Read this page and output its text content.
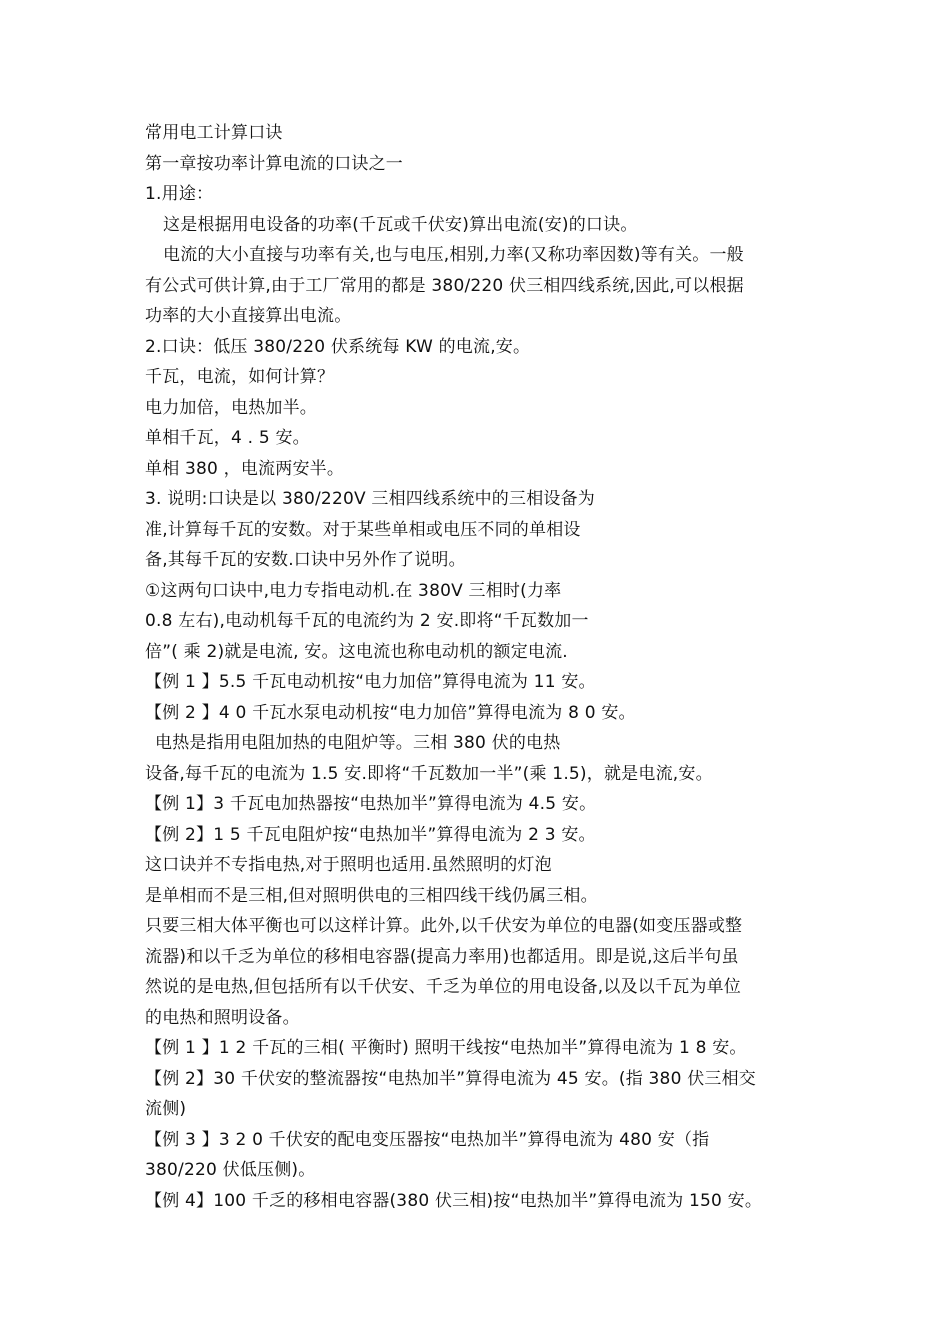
常用电工计算口诀
第一章按功率计算电流的口诀之一
1.用途：
这是根据用电设备的功率(千瓦或千伏安)算出电流(安)的口诀。
电流的大小直接与功率有关,也与电压,相别,力率(又称功率因数)等有关。一般
有公式可供计算,由于工厂常用的都是 380/220 伏三相四线系统,因此,可以根据
功率的大小直接算出电流。
2.口诀：低压 380/220 伏系统每 KW 的电流,安。
千瓦，电流，如何计算？
电力加倍，电热加半。
单相千瓦，4 . 5 安。
单相 380 ，电流两安半。
3. 说明:口诀是以 380/220V 三相四线系统中的三相设备为
准,计算每千瓦的安数。对于某些单相或电压不同的单相设
备,其每千瓦的安数.口诀中另外作了说明。
①这两句口诀中,电力专指电动机.在 380V 三相时(力率
0.8 左右),电动机每千瓦的电流约为 2 安.即将“千瓦数加一
倍”( 乘 2)就是电流, 安。这电流也称电动机的额定电流.
【例 1 】5.5 千瓦电动机按“电力加倍”算得电流为 11 安。
【例 2 】4 0 千瓦水泵电动机按“电力加倍”算得电流为 8 0 安。
电热是指用电阻加热的电阻炉等。三相 380 伏的电热
设备,每千瓦的电流为 1.5 安.即将“千瓦数加一半”(乘 1.5)，就是电流,安。
【例 1】3 千瓦电加热器按“电热加半”算得电流为 4.5 安。
【例 2】1 5 千瓦电阻炉按“电热加半”算得电流为 2 3 安。
这口诀并不专指电热,对于照明也适用.虽然照明的灯泡
是单相而不是三相,但对照明供电的三相四线干线仍属三相。
只要三相大体平衡也可以这样计算。此外,以千伏安为单位的电器(如变压器或整
流器)和以千乏为单位的移相电容器(提高力率用)也都适用。即是说,这后半句虽
然说的是电热,但包括所有以千伏安、千乏为单位的用电设备,以及以千瓦为单位
的电热和照明设备。
【例 1 】1 2 千瓦的三相( 平衡时) 照明干线按“电热加半”算得电流为 1 8 安。
【例 2】30 千伏安的整流器按“电热加半”算得电流为 45 安。(指 380 伏三相交
流侧)
【例 3 】3 2 0 千伏安的配电变压器按“电热加半”算得电流为 480 安（指
380/220 伏低压侧)。
【例 4】100 千乏的移相电容器(380 伏三相)按“电热加半”算得电流为 150 安。
